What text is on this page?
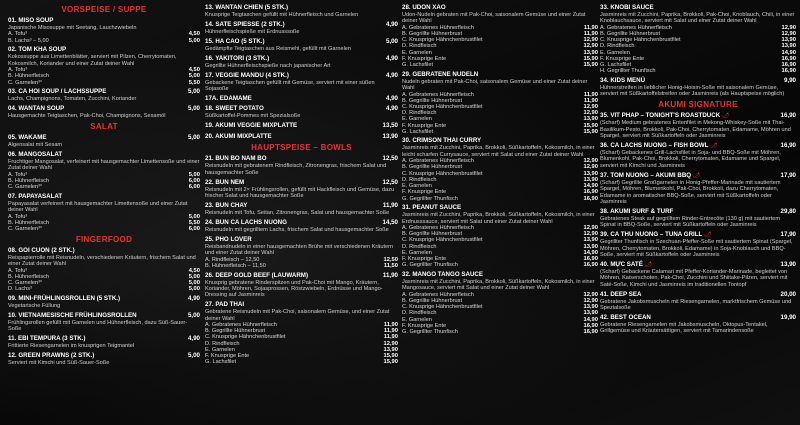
VORSPEISE / SUPPE
01. MISO SOUP
Japanische Misosuppe mit Seetang, Lauchzwiebeln
A. Tofu³	4,50
B. Lachs³ – 5,00	5,00
02. TOM KHA SOUP
Kokossuppe aus Limettenblätter, serviert mit Pilzen, Cherrytomaten, Kokosmilch, Koriander und einer Zutat deiner Wahl
A. Tofu³	4,50
B. Hühnerfleisch	5,00
C. Garnelen³°	5,50
03. CA HOI SOUP / LACHSSUPPE	5,00
Lachs, Champignons, Tomaten, Zucchini, Koriander
04. WANTAN SOUP	5,00
Hausgemachte Teigtaschen, Pak-Choi, Champignons, Sesamöl
SALAT
05. WAKAME	5,00
Algensalat mit Sesam
06. MANGOSALAT
Fruchtiger Mangosalat, verfeinert mit hausgemachter Limettensoße und einer Zutat deiner Wahl
A. Tofu³	5,00
B. Hühnerfleisch	6,00
C. Garnelen³°	6,00
07. PAPAYASALAT
Papayasalat verfeinert mit hausgemachter Limettensoße und einer Zutat deiner Wahl
A. Tofu³	5,00
B. Hühnerfleisch	5,50
C. Garnelen³°	6,00
FINGERFOOD
08. GOI CUON (2 STK.)
Reispapierrolle mit Reisnudeln, verschiedenen Kräutern, frischem Salat und einer Zutat deiner Wahl
A. Tofu³	4,50
B. Hühnerfleisch	5,00
C. Garnelen³°	5,00
D. Lachs³	5,00
09. MINI-FRÜHLINGSROLLEN (5 STK.)	4,90
Vegetarische Füllung
10. VIETNAMESISCHE FRÜHLINGSROLLEN	5,00
Frühlingsrollen gefüllt mit Garnelen und Hühnerfleisch, dazu Süß-Sauer-Soße
11. EBI TEMPURA (3 STK.)	4,90
Frittierte Riesengarnelen im knusprigen Teigmantel
12. GREEN PRAWNS (2 STK.)	5,00
Serviert mit Kimchi und Süß-Sauer-Soße
13. WANTAN CHIEN (5 STK.)
Knusprige Teigtaschen gefüllt mit Hühnerfleisch und Garnelen
14. SATE SPIESSE (2 STK.)	4,90
Hühnerfleischspieße mit Erdnusssoße
15. HA CAO (5 STK.)	5,00
Gedämpfte Teigtaschen aus Reismehl, gefüllt mit Garnelen
16. YAKITORI (3 STK.)	4,90
Gegrillte Hühnerfleischspieße nach japanischer Art
17. VEGGIE MANDU (4 STK.)	4,90
Gebackene Teigtaschen gefüllt mit Gemüse, serviert mit einer süßen Sojasoße
17A. EDAMAME	4,90
18. SWEET POTATO	4,90
Süßkartoffel-Pommes mit Spezialsoße
19. AKUMI VEGGIE MIXPLATTE	13,50
20. AKUMI MIXPLATTE	13,90
HAUPTSPEISE – BOWLS
21. BUN BO NAM BO	12,50
Reisnudeln mit gebratenem Rindfleisch, Zitronengras, frischem Salat und hausgemachter Soße
22. BUN NEM	12,50
Reisnudeln mit 2× Frühlingsrollen, gefüllt mit Hackfleisch und Gemüse, dazu frischer Salat und hausgemachter Soße
23. BUN CHAY	11,90
Reisnudeln mit Tofu, Seitan, Zitronengras, Salat und hausgemachter Soße
24. BUN CA LACHS NUONG	14,50
Reisnudeln mit gegrilltem Lachs, frischem Salat und hausgemachter Soße
25. PHO LOVER
Reisbandnudeln in einer hausgemachten Brühe mit verschiedenen Kräutern und einer Zutat deiner Wahl
A. Rindfleisch – 12,50	12,50
B. Hühnerfleisch – 11,50	11,50
26. DEEP GOLD BEEF (LAUWARM)	11,90
Knusprig gebratene Rinderspitzen und Pak-Choi mit Mango, Kräutern, Koriander, Möhren, Sojasprossen, Röstzwiebeln, Erdnüsse und Mango-Dressing auf Jasminreis
27. PAD THAI
Gebratene Reisnudeln mit Pak-Choi, saisonalem Gemüse, und einer Zutat deiner Wahl
A. Gebratenes Hühnerfleisch	11,90
B. Gegrillte Hühnerbrust	11,90
C. Knusprige Hähnchenbrustfilet	11,90
D. Rindfleisch	12,90
E. Garnelen	13,90
F. Knusprige Ente	15,90
G. Lachsfilet	15,90
28. UDON XAO
Udon-Nudeln gebraten mit Pak-Choi, saisonalem Gemüse und einer Zutat deiner Wahl
A. Gebratenes Hühnerfleisch	11,90
B. Gegrillte Hühnerbrust	11,90
C. Knusprige Hähnchenbrustfilet	12,90
D. Rindfleisch	12,90
E. Garnelen	13,90
F. Knusprige Ente	15,90
G. Lachsfilet	15,90
29. GEBRATENE NUDELN
Nudeln gebraten mit Pak-Choi, saisonalem Gemüse und einer Zutat deiner Wahl
A. Gebratenes Hühnerfleisch	11,90
B. Gegrillte Hühnerbrust	11,90
C. Knusprige Hähnchenbrustfilet	12,90
D. Rindfleisch	12,90
E. Garnelen	13,90
F. Knusprige Ente	15,90
G. Lachsfilet	15,90
30. CRIMSON THAI CURRY
Jasminreis mit Zucchini, Paprika, Brokkoli, Süßkartoffeln, Kokosmilch, in einer leicht scharfen Currysauce, serviert mit Salat und einer Zutat deiner Wahl
A. Gebratenes Hühnerfleisch	12,90
B. Gegrillte Hühnerbrust	12,90
C. Knusprige Hähnchenbrustfilet	13,90
D. Rindfleisch	13,90
E. Garnelen	14,90
F. Knusprige Ente	16,90
G. Gegrillter Thunfisch	16,90
31. PEANUT SAUCE
Jasminreis mit Zucchini, Paprika, Brokkoli, Süßkartoffeln, Kokosmilch, in einer Erdnusssauce, serviert mit Salat und einer Zutat deiner Wahl
A. Gebratenes Hühnerfleisch	12,90
B. Gegrillte Hühnerbrust	12,90
C. Knusprige Hähnchenbrustfilet	13,90
D. Rindfleisch	13,90
E. Garnelen	14,90
F. Knusprige Ente	16,90
G. Gegrillter Thunfisch	16,90
32. MANGO TANGO SAUCE
Jasminreis mit Zucchini, Paprika, Brokkoli, Süßkartoffeln, Kokosmilch, in einer Mangosauce, serviert mit Salat und einer Zutat deiner Wahl
A. Gebratenes Hühnerfleisch	12,90
B. Gegrillte Hühnerbrust	12,90
C. Knusprige Hähnchenbrustfilet	13,90
D. Rindfleisch	13,90
E. Garnelen	14,90
F. Knusprige Ente	16,90
G. Gegrillter Thunfisch	16,90
33. KNOBI SAUCE
Jasminreis mit Zucchini, Paprika, Brokkoli, Pak-Choi, Knoblauch, Chili, in einer Knoblauchsauce, serviert mit Salat und einer Zutat deiner Wahl
A. Gebratenes Hühnerfleisch	12,90
B. Gegrillte Hühnerbrust	12,90
C. Knusprige Hähnchenbrustfilet	13,90
D. Rindfleisch	13,90
E. Garnelen	14,90
F. Knusprige Ente	16,90
G. Lachsfilet	16,90
H. Gegrillter Thunfisch	16,90
34. KIDS MENÜ	9,90
Hühnerstreifen in lieblicher Honig-Hoisin-Soße mit saisonalem Gemüse, serviert mit Süßkartoffelstreifen oder Jasminreis (als Hauptspeise möglich)
AKUMI SIGNATURE
35. VIT PHAP – TONIGHT'S ROASTDUCK 🌶	16,90
(Scharf) Medium gebratenes Entenfilet in Mekong-Whiskey-Soße mit Thai-Basilikum-Pesto, Brokkoli, Pak-Choi, Cherrytomaten, Edamame, Möhren und Spargel, serviert mit Süßkartoffeln oder Jasminreis
36. CA LACHS NUONG – FISH BOWL 🌶	16,90
(Scharf) Gebackenes Grill-Lachsfilet in Soja- und BBQ-Soße mit Möhren, Blumenkohl, Pak-Choi, Brokkoli, Cherrytomaten, Edamame und Spargel, serviert mit Kimchi und Jasminreis
37. TOM NUONG – AKUMI BBQ 🌶	17,90
(Scharf) Gegrillte Großgarnelen in Honig-Pfeffer-Marinade mit sautiertem Spargel, Möhren, Blumenkohl, Pak-Choi, Brokkoli, dazu Cherrytomaten, Edamame in aromatischer BBQ-Soße, serviert mit Süßkartoffeln oder Jasminreis
38. AKUMI SURF & TURF	29,80
Gebratenes Steak auf gegrilltem Rinder-Entrecôte (130 g) mit sautiertem Spinat in BBQ-Soße, serviert mit Süßkartoffeln oder Jasminreis
39. CA THU NUONG – TUNA GRILL 🌶	17,90
Gegrillter Thunfisch in Szechuan-Pfeffer-Soße mit sautiertem Spinat (Spargel, Möhren, Cherrytomaten, Brokkoli, Edamame) in Soja-Knoblauch und BBQ-Soße, serviert mit Süßkartoffeln oder Jasminreis
40. MỰC SATÉ 🌶	13,90
(Scharf) Gebackene Calamari mit Pfeffer-Koriander-Marinade, begleitet von Möhren, Kaiserschoten, Pak-Choi, Zucchini und Shiitake-Pilzen, serviert mit Saté-Soße, Kimchi und Jasminreis im traditionellen Tontopf
41. DEEP SEA	20,00
Gebratene Jakobsmuscheln mit Riesengarnelen, marktfrischem Gemüse und Spezialsoße
42. BEST OCEAN	19,90
Gebratene Riesengarnelen mit Jakobsmuscheln, Oktopus-Tentakel, Grillgemüse und Kräutersättigen, serviert mit Tamarindensoße
